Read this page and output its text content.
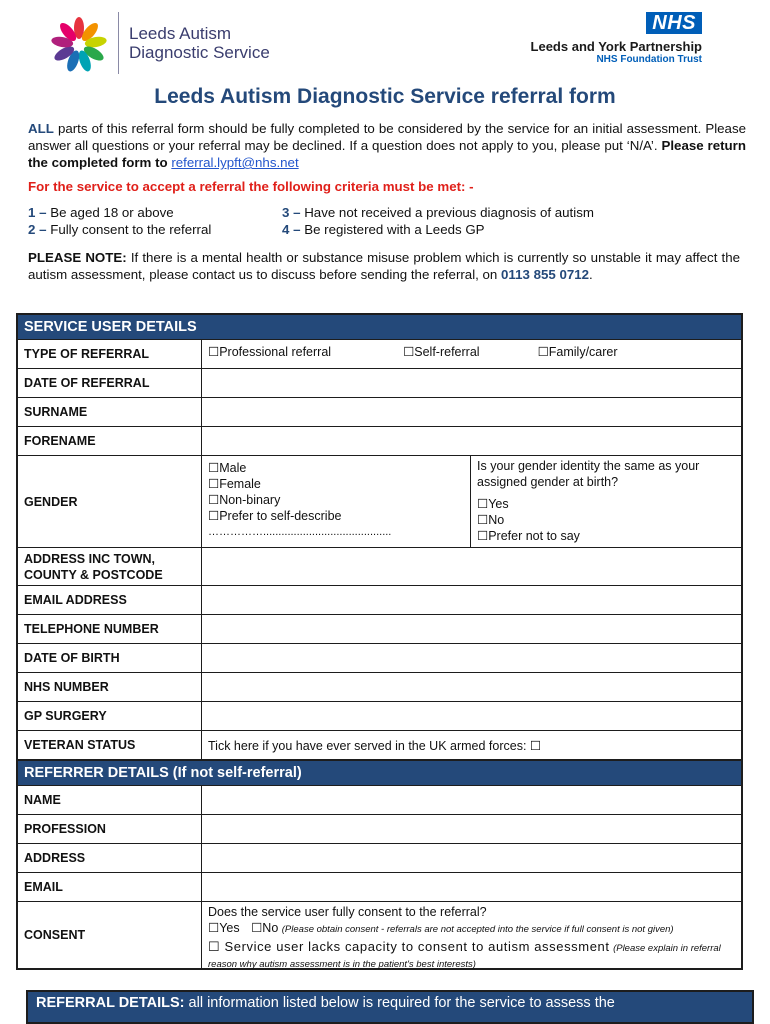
Leeds Autism
Diagnostic Service
NHS
Leeds and York Partnership
NHS Foundation Trust
Leeds Autism Diagnostic Service referral form
ALL parts of this referral form should be fully completed to be considered by the service for an initial assessment. Please answer all questions or your referral may be declined. If a question does not apply to you, please put ‘N/A’. Please return the completed form to referral.lypft@nhs.net
For the service to accept a referral the following criteria must be met: -
1 – Be aged 18 or above
2 – Fully consent to the referral
3 – Have not received a previous diagnosis of autism
4 – Be registered with a Leeds GP
PLEASE NOTE: If there is a mental health or substance misuse problem which is currently so unstable it may affect the autism assessment, please contact us to discuss before sending the referral, on 0113 855 0712.
SERVICE USER DETAILS
TYPE OF REFERRAL	☐Professional referral	☐Self-referral	☐Family/carer
DATE OF REFERRAL
SURNAME
FORENAME
GENDER
☐Male
☐Female
☐Non-binary
☐Prefer to self-describe
……………..........................................
Is your gender identity the same as your assigned gender at birth?
☐Yes
☐No
☐Prefer not to say
ADDRESS INC TOWN, COUNTY & POSTCODE
EMAIL ADDRESS
TELEPHONE NUMBER
DATE OF BIRTH
NHS NUMBER
GP SURGERY
VETERAN STATUS	Tick here if you have ever served in the UK armed forces: ☐
REFERRER DETAILS (If not self-referral)
NAME
PROFESSION
ADDRESS
EMAIL
CONSENT
Does the service user fully consent to the referral?
☐Yes ☐No (Please obtain consent - referrals are not accepted into the service if full consent is not given)
☐ Service user lacks capacity to consent to autism assessment (Please explain in referral reason why autism assessment is in the patient's best interests)
REFERRAL DETAILS: all information listed below is required for the service to assess the
